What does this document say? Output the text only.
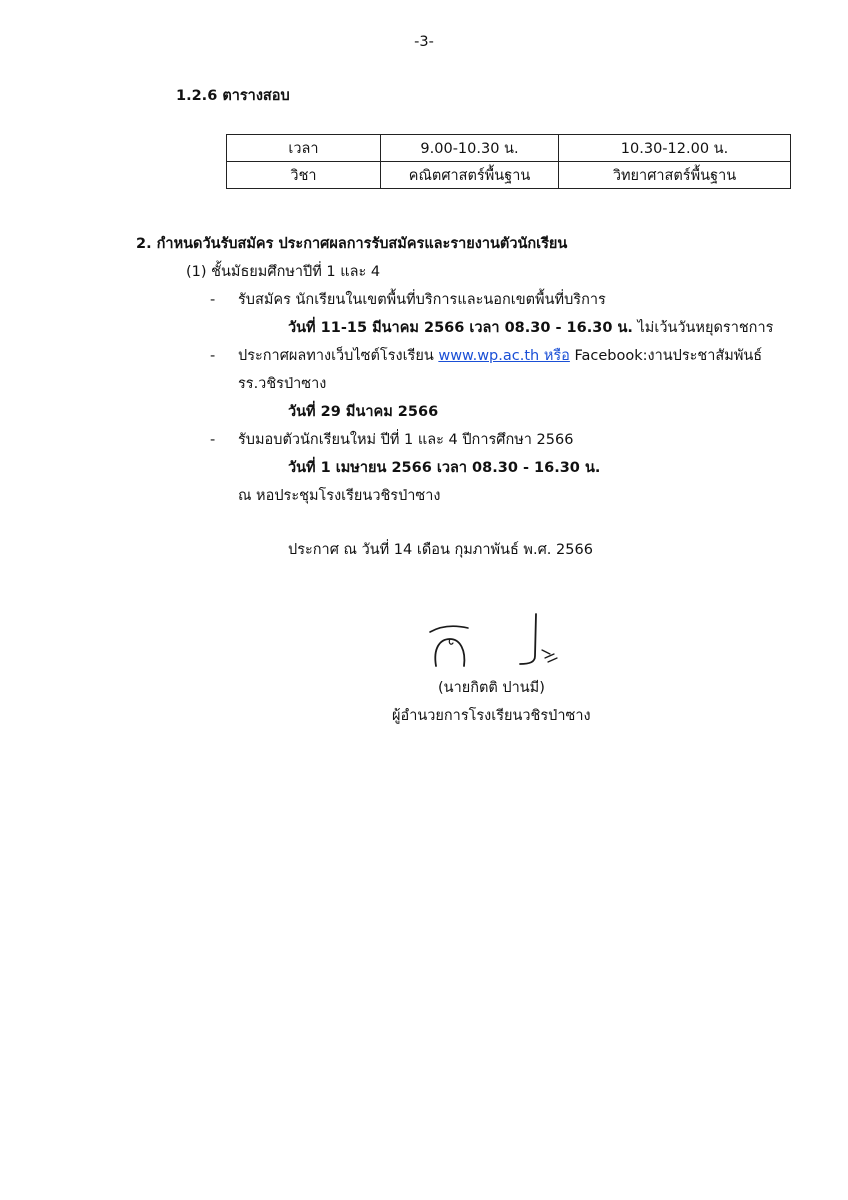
-3-
1.2.6 ตารางสอบ
เวลา	9.00-10.30 น.	10.30-12.00 น.
วิชา	คณิตศาสตร์พื้นฐาน	วิทยาศาสตร์พื้นฐาน
2. กำหนดวันรับสมัคร ประกาศผลการรับสมัครและรายงานตัวนักเรียน
(1) ชั้นมัธยมศึกษาปีที่ 1 และ 4
- รับสมัคร นักเรียนในเขตพื้นที่บริการและนอกเขตพื้นที่บริการ
วันที่ 11-15 มีนาคม 2566 เวลา 08.30 - 16.30 น. ไม่เว้นวันหยุดราชการ
- ประกาศผลทางเว็บไซต์โรงเรียน www.wp.ac.th หรือ Facebook:งานประชาสัมพันธ์
รร.วชิรป่าซาง
วันที่ 29 มีนาคม 2566
- รับมอบตัวนักเรียนใหม่ ปีที่ 1 และ 4 ปีการศึกษา 2566
วันที่ 1 เมษายน 2566 เวลา 08.30 - 16.30 น.
ณ หอประชุมโรงเรียนวชิรป่าซาง
ประกาศ ณ วันที่ 14 เดือน กุมภาพันธ์ พ.ศ. 2566
(นายกิตติ ปานมี)
ผู้อำนวยการโรงเรียนวชิรป่าซาง
